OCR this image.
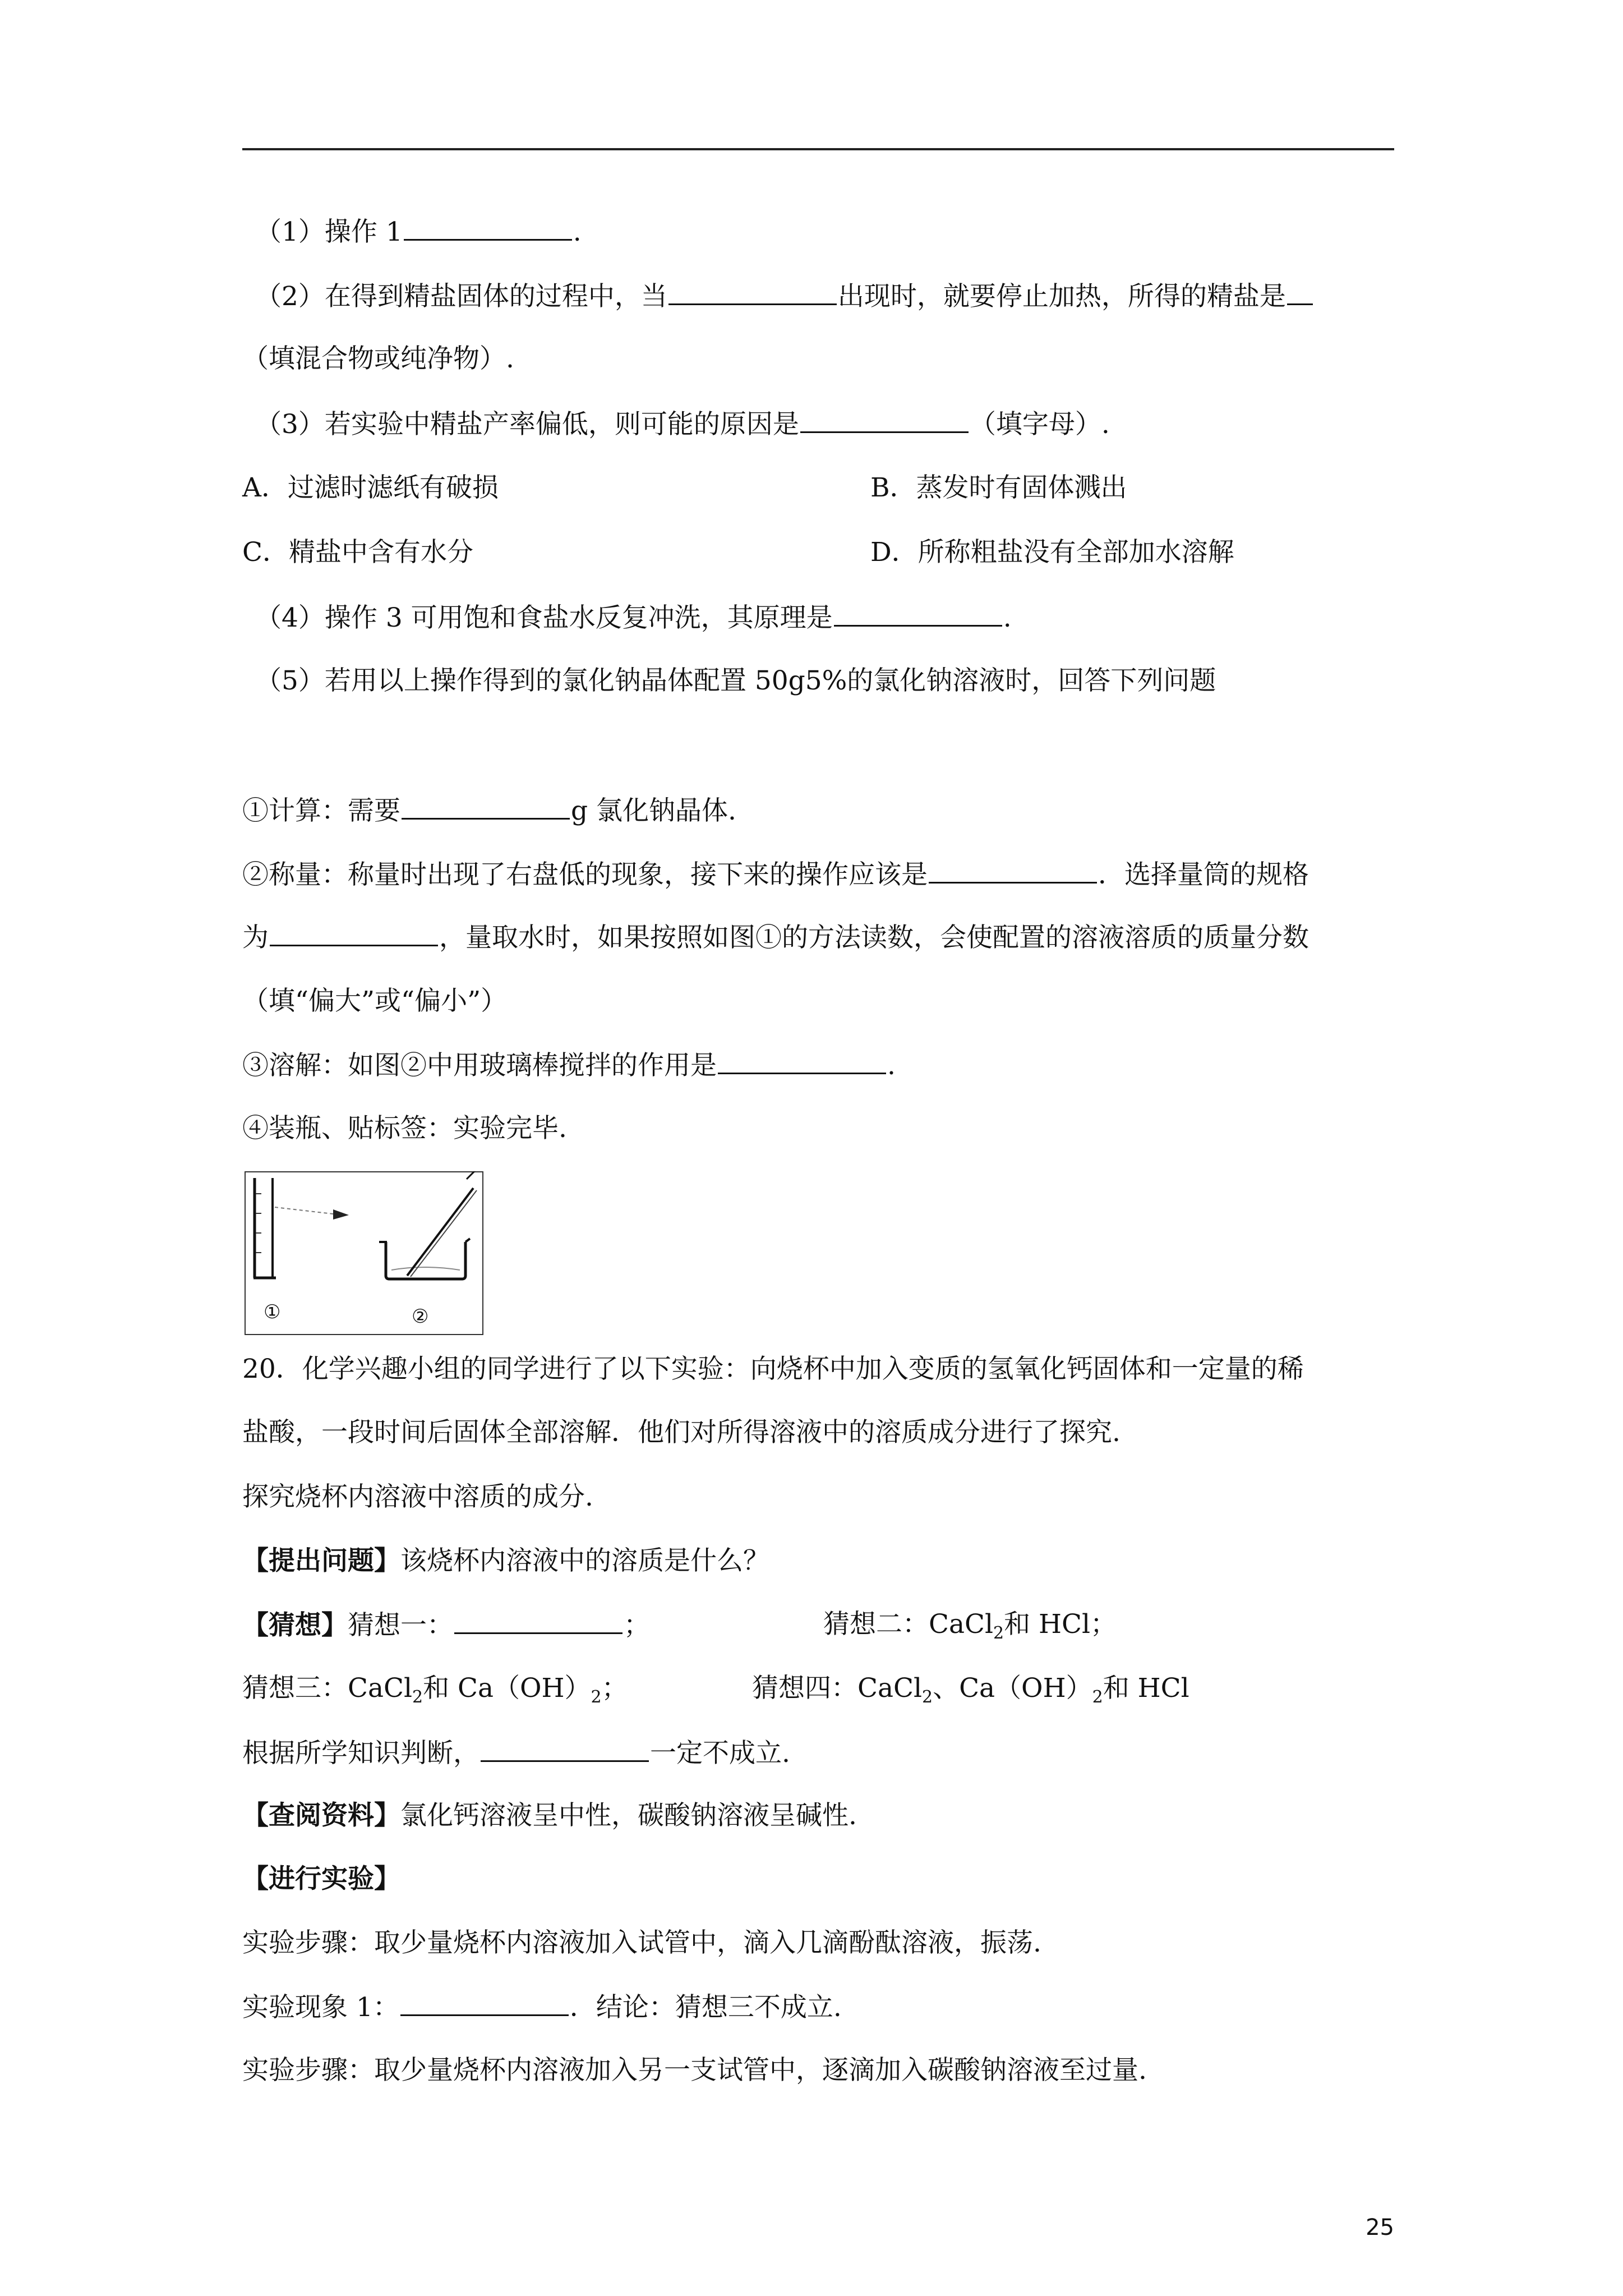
（1）操作 1	.
（2）在得到精盐固体的过程中，当	出现时，就要停止加热，所得的精盐是
（填混合物或纯净物）.
（3）若实验中精盐产率偏低，则可能的原因是	（填字母）.
A．过滤时滤纸有破损	B．蒸发时有固体溅出
C．精盐中含有水分	D．所称粗盐没有全部加水溶解
（4）操作 3 可用饱和食盐水反复冲洗，其原理是	.
（5）若用以上操作得到的氯化钠晶体配置 50g5%的氯化钠溶液时，回答下列问题
①计算：需要	g 氯化钠晶体.
②称量：称量时出现了右盘低的现象，接下来的操作应该是	．选择量筒的规格
为	，量取水时，如果按照如图①的方法读数，会使配置的溶液溶质的质量分数
（填“偏大”或“偏小”）
③溶解：如图②中用玻璃棒搅拌的作用是	.
④装瓶、贴标签：实验完毕.
①	②
20．化学兴趣小组的同学进行了以下实验：向烧杯中加入变质的氢氧化钙固体和一定量的稀
盐酸，一段时间后固体全部溶解．他们对所得溶液中的溶质成分进行了探究.
探究烧杯内溶液中溶质的成分.
【提出问题】该烧杯内溶液中的溶质是什么？
【猜想】猜想一：	；	猜想二：CaCl$_2$和 HCl；
猜想三：CaCl$_2$和 $Ca(OH)_2$；	猜想四：CaCl$_2$、$Ca(OH)_2$和 HCl
根据所学知识判断，	一定不成立.
【查阅资料】氯化钙溶液呈中性，碳酸钠溶液呈碱性.
【进行实验】
实验步骤：取少量烧杯内溶液加入试管中，滴入几滴酚酞溶液，振荡.
实验现象 1：	．结论：猜想三不成立.
实验步骤：取少量烧杯内溶液加入另一支试管中，逐滴加入碳酸钠溶液至过量.
25
